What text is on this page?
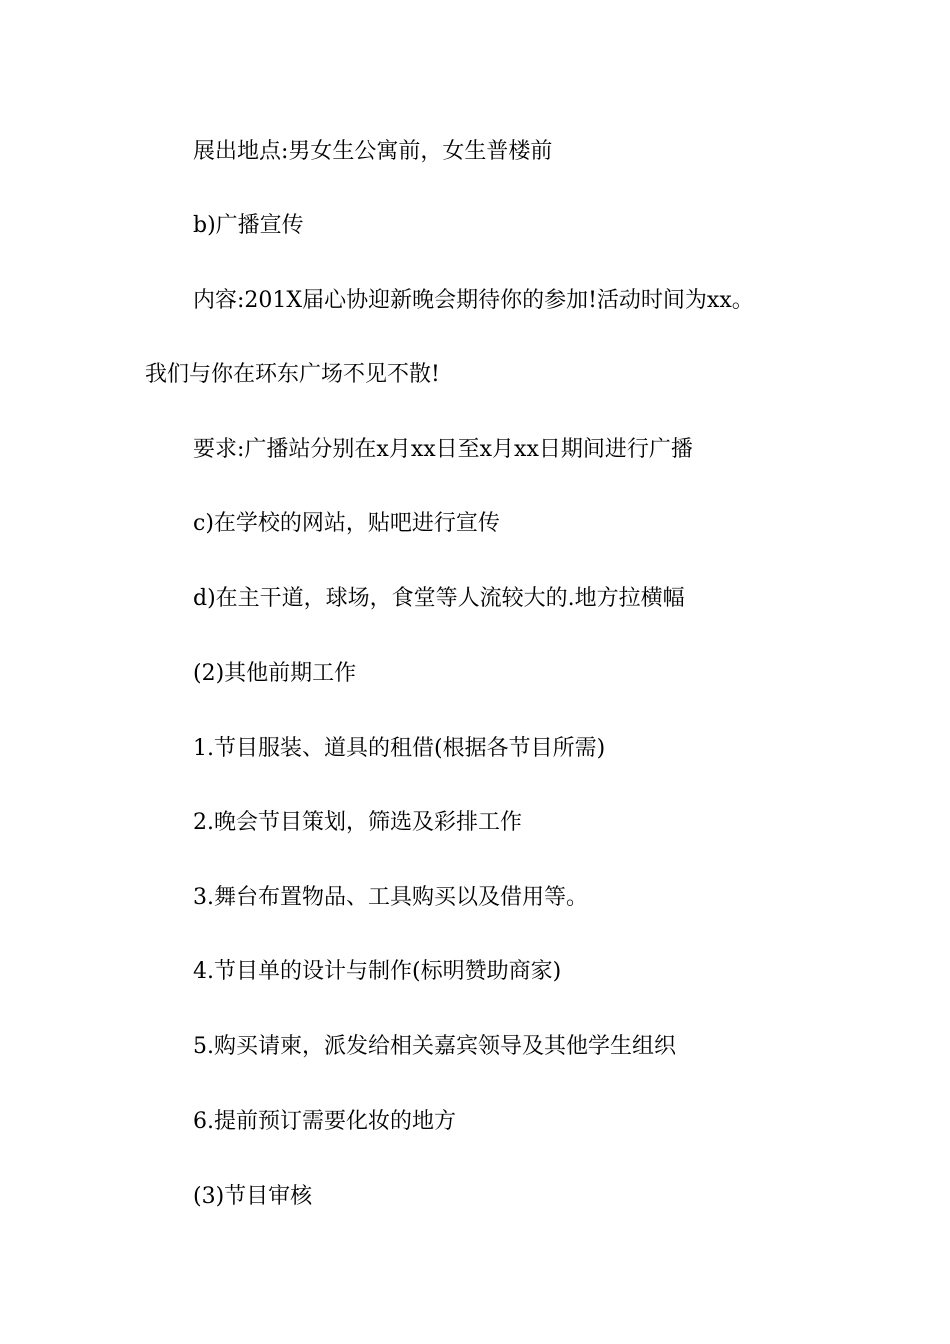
展出地点:男女生公寓前，女生普楼前

b)广播宣传

内容:201X届心协迎新晚会期待你的参加!活动时间为xx。

我们与你在环东广场不见不散!

要求:广播站分别在x月xx日至x月xx日期间进行广播

c)在学校的网站，贴吧进行宣传

d)在主干道，球场，食堂等人流较大的.地方拉横幅

(2)其他前期工作

1.节目服装、道具的租借(根据各节目所需)

2.晚会节目策划，筛选及彩排工作

3.舞台布置物品、工具购买以及借用等。

4.节目单的设计与制作(标明赞助商家)

5.购买请柬，派发给相关嘉宾领导及其他学生组织

6.提前预订需要化妆的地方

(3)节目审核
